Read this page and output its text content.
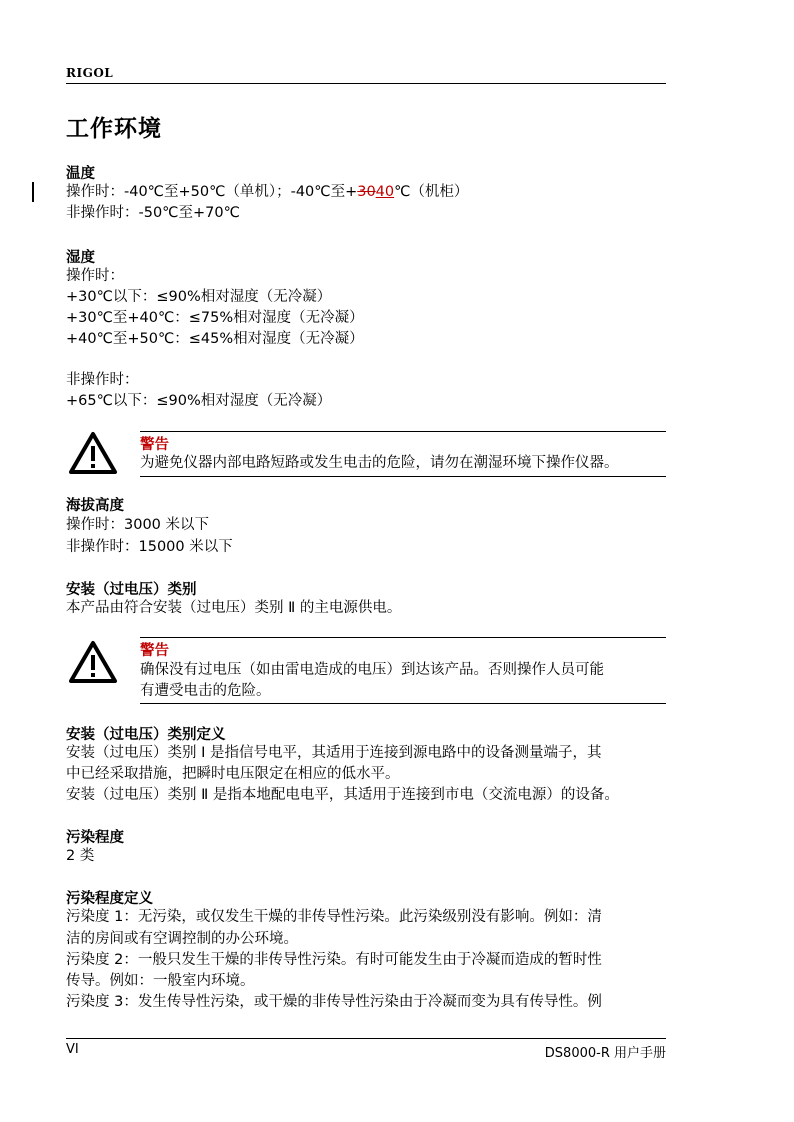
RIGOL
工作环境
温度
操作时：-40℃至+50℃（单机）；-40℃至+3040℃（机柜）
非操作时：-50℃至+70℃
湿度
操作时：
+30℃以下：≤90%相对湿度（无冷凝）
+30℃至+40℃：≤75%相对湿度（无冷凝）
+40℃至+50℃：≤45%相对湿度（无冷凝）
非操作时：
+65℃以下：≤90%相对湿度（无冷凝）
警告
为避免仪器内部电路短路或发生电击的危险，请勿在潮湿环境下操作仪器。
海拔高度
操作时：3000 米以下
非操作时：15000 米以下
安装（过电压）类别
本产品由符合安装（过电压）类别 Ⅱ 的主电源供电。
警告
确保没有过电压（如由雷电造成的电压）到达该产品。否则操作人员可能
有遭受电击的危险。
安装（过电压）类别定义
安装（过电压）类别 I 是指信号电平，其适用于连接到源电路中的设备测量端子，其
中已经采取措施，把瞬时电压限定在相应的低水平。
安装（过电压）类别 Ⅱ 是指本地配电电平，其适用于连接到市电（交流电源）的设备。
污染程度
2 类
污染程度定义
污染度 1：无污染，或仅发生干燥的非传导性污染。此污染级别没有影响。例如：清
洁的房间或有空调控制的办公环境。
污染度 2：一般只发生干燥的非传导性污染。有时可能发生由于冷凝而造成的暂时性
传导。例如：一般室内环境。
污染度 3：发生传导性污染，或干燥的非传导性污染由于冷凝而变为具有传导性。例
VI	DS8000-R 用户手册
